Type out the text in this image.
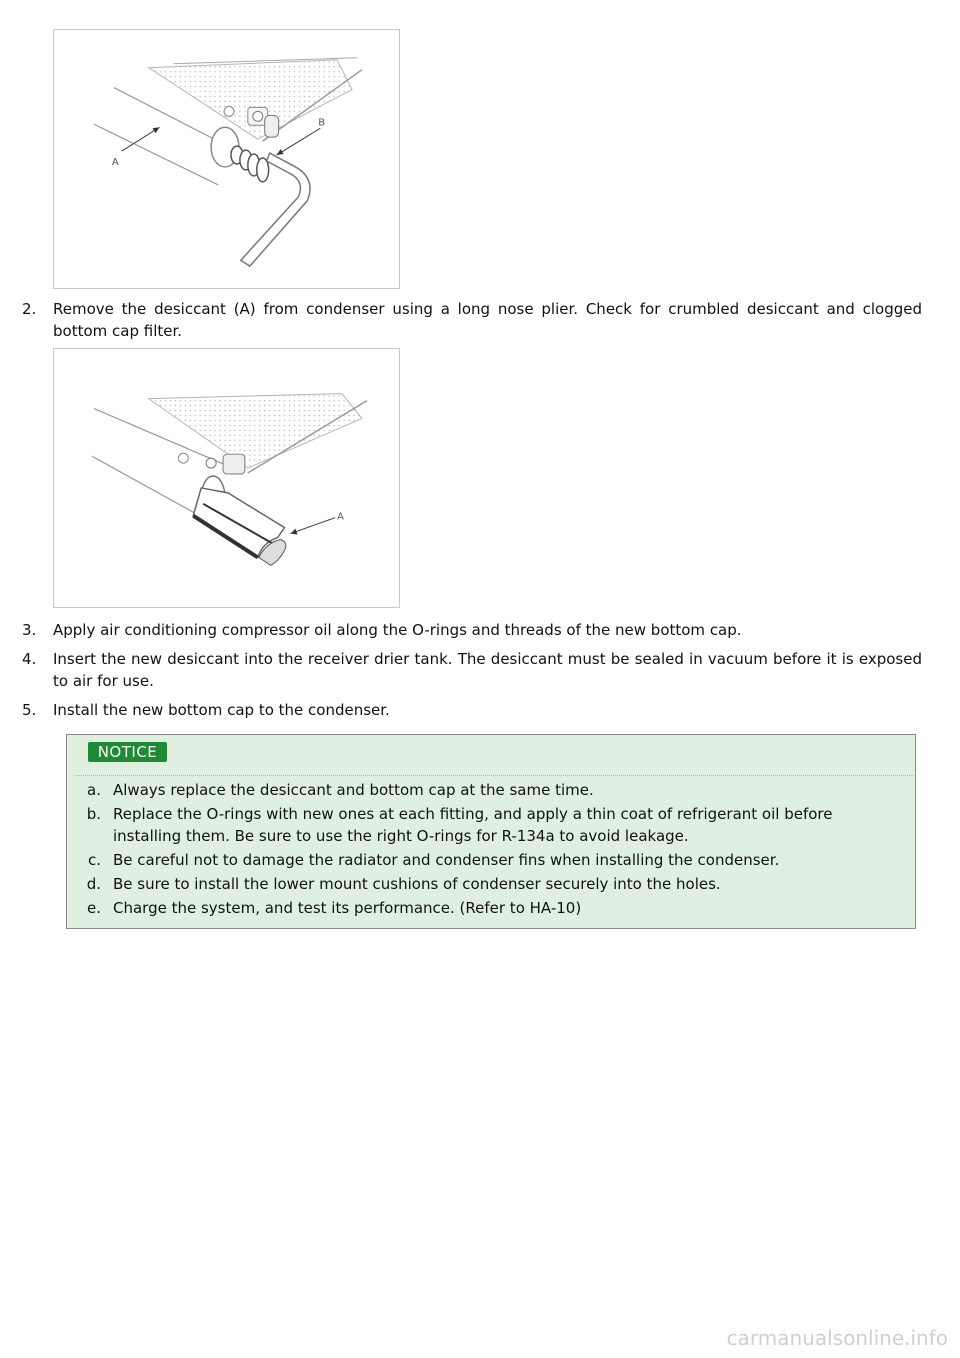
A
B
2.	Remove the desiccant (A) from condenser using a long nose plier. Check for crumbled desiccant and clogged bottom cap filter.
A
3.	Apply air conditioning compressor oil along the O-rings and threads of the new bottom cap.
4.	Insert the new desiccant into the receiver drier tank. The desiccant must be sealed in vacuum before it is exposed to air for use.
5.	Install the new bottom cap to the condenser.
NOTICE
a. Always replace the desiccant and bottom cap at the same time.
b. Replace the O-rings with new ones at each fitting, and apply a thin coat of refrigerant oil before installing them. Be sure to use the right O-rings for R-134a to avoid leakage.
c. Be careful not to damage the radiator and condenser fins when installing the condenser.
d. Be sure to install the lower mount cushions of condenser securely into the holes.
e. Charge the system, and test its performance. (Refer to HA-10)
carmanualsonline.info
